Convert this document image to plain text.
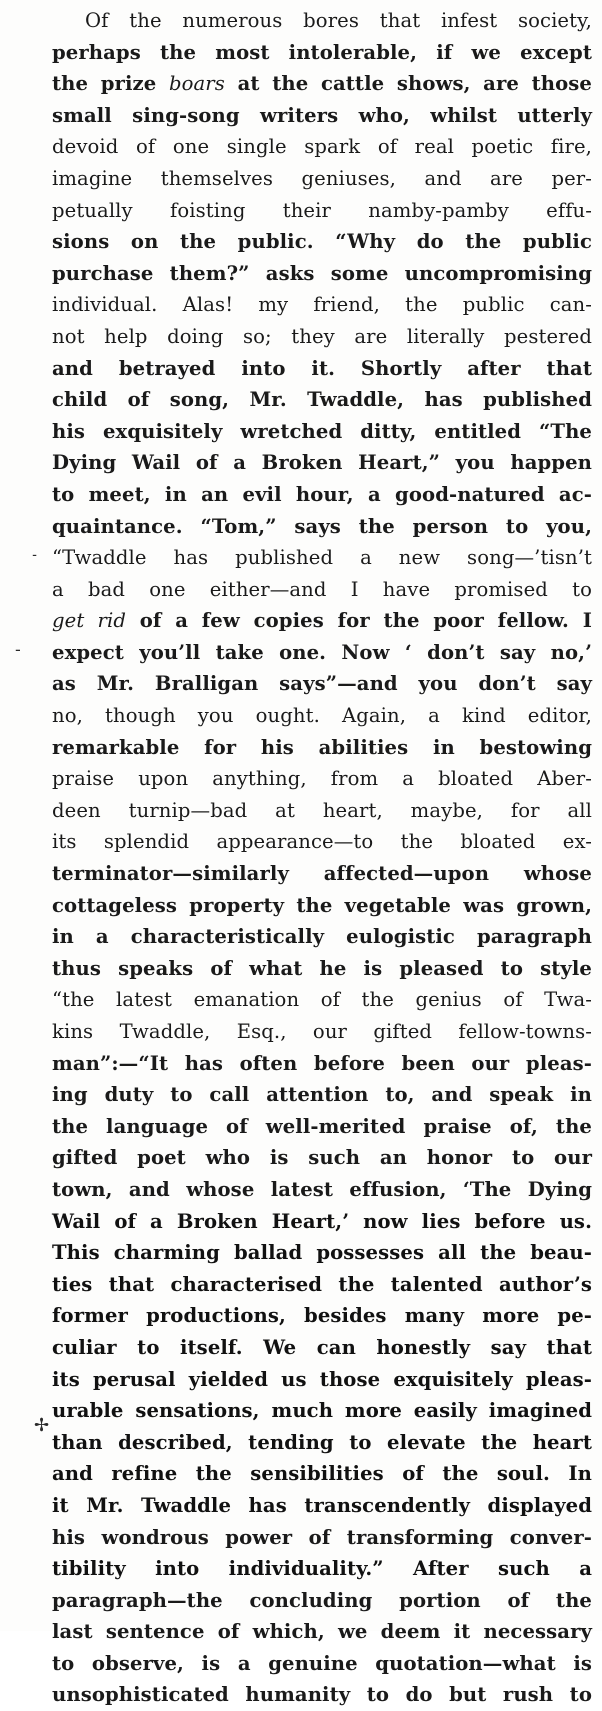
Of the numerous bores that infest society,
perhaps the most intolerable, if we except
the prize boars at the cattle shows, are those
small sing-song writers who, whilst utterly
devoid of one single spark of real poetic fire,
imagine themselves geniuses, and are per-
petually foisting their namby-pamby effu-
sions on the public. “Why do the public
purchase them?” asks some uncompromising
individual. Alas! my friend, the public can-
not help doing so; they are literally pestered
and betrayed into it. Shortly after that
child of song, Mr. Twaddle, has published
his exquisitely wretched ditty, entitled “The
Dying Wail of a Broken Heart,” you happen
to meet, in an evil hour, a good-natured ac-
quaintance. “Tom,” says the person to you,
“Twaddle has published a new song—’tisn’t
a bad one either—and I have promised to
get rid of a few copies for the poor fellow. I
expect you’ll take one. Now ‘ don’t say no,’
as Mr. Bralligan says”—and you don’t say
no, though you ought. Again, a kind editor,
remarkable for his abilities in bestowing
praise upon anything, from a bloated Aber-
deen turnip—bad at heart, maybe, for all
its splendid appearance—to the bloated ex-
terminator—similarly affected—upon whose
cottageless property the vegetable was grown,
in a characteristically eulogistic paragraph
thus speaks of what he is pleased to style
“the latest emanation of the genius of Twa-
kins Twaddle, Esq., our gifted fellow-towns-
man”:—“It has often before been our pleas-
ing duty to call attention to, and speak in
the language of well-merited praise of, the
gifted poet who is such an honor to our
town, and whose latest effusion, ‘The Dying
Wail of a Broken Heart,’ now lies before us.
This charming ballad possesses all the beau-
ties that characterised the talented author’s
former productions, besides many more pe-
culiar to itself. We can honestly say that
its perusal yielded us those exquisitely pleas-
urable sensations, much more easily imagined
than described, tending to elevate the heart
and refine the sensibilities of the soul. In
it Mr. Twaddle has transcendently displayed
his wondrous power of transforming conver-
tibility into individuality.” After such a
paragraph—the concluding portion of the
last sentence of which, we deem it necessary
to observe, is a genuine quotation—what is
unsophisticated humanity to do but rush to
˗
‐
✢
